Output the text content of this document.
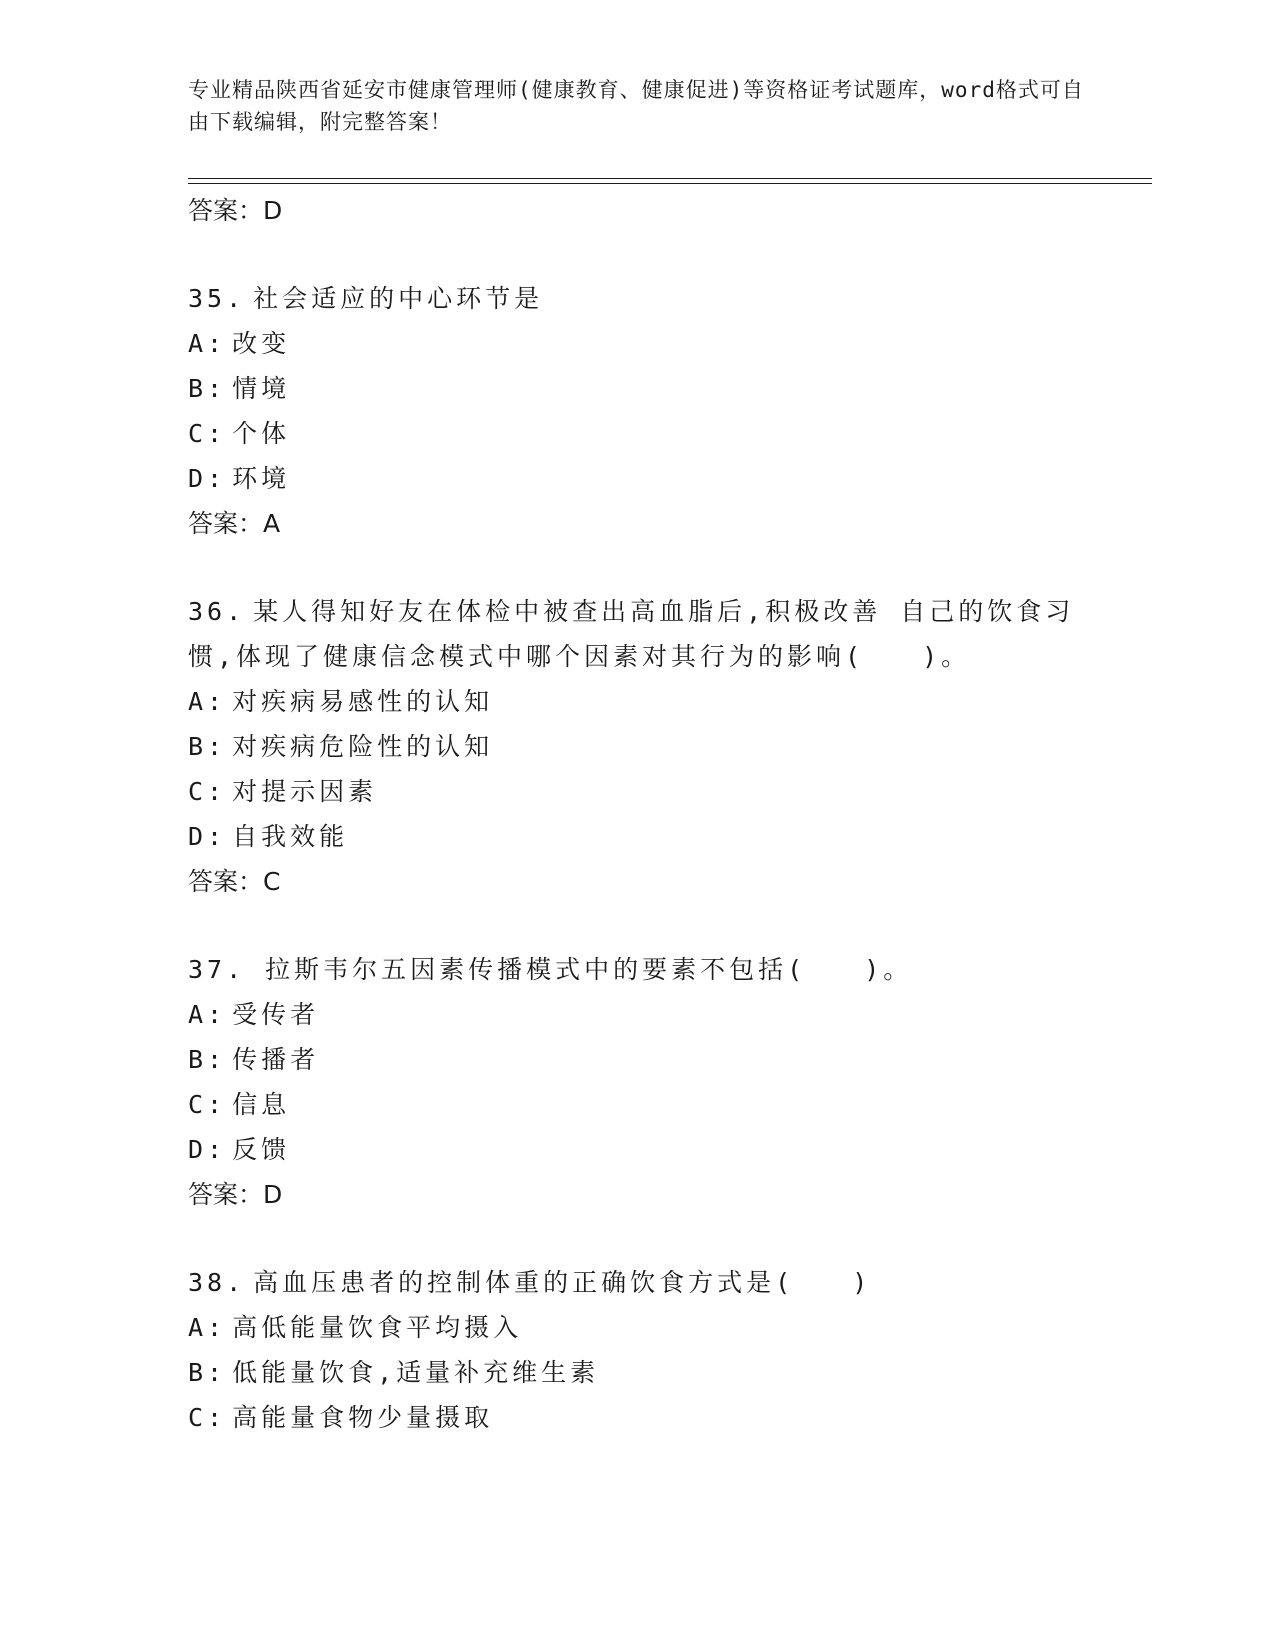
专业精品陕西省延安市健康管理师(健康教育、健康促进)等资格证考试题库，word格式可自由下载编辑，附完整答案！
答案：D
35. 社会适应的中心环节是
A: 改变
B: 情境
C: 个体
D: 环境
答案：A
36. 某人得知好友在体检中被查出高血脂后,积极改善 自己的饮食习惯,体现了健康信念模式中哪个因素对其行为的影响(　　)。
A: 对疾病易感性的认知
B: 对疾病危险性的认知
C: 对提示因素
D: 自我效能
答案：C
37. 拉斯韦尔五因素传播模式中的要素不包括(　　)。
A: 受传者
B: 传播者
C: 信息
D: 反馈
答案：D
38. 高血压患者的控制体重的正确饮食方式是(　　)
A: 高低能量饮食平均摄入
B: 低能量饮食,适量补充维生素
C: 高能量食物少量摄取
